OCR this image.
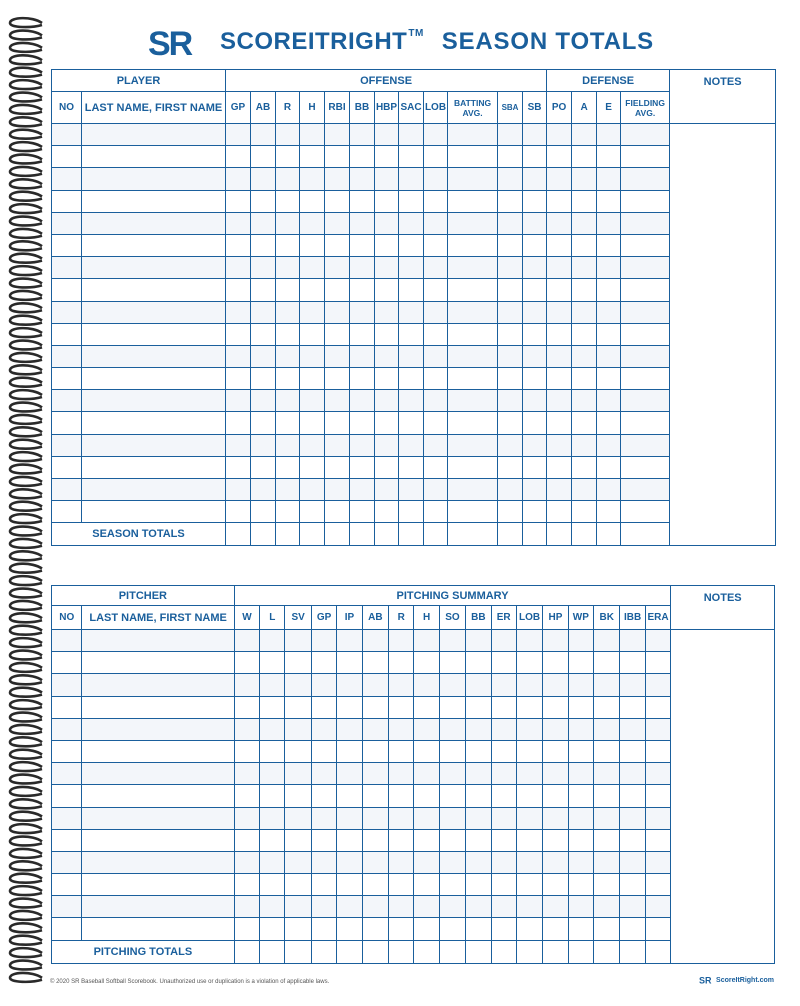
SR SCOREITRIGHT™ SEASON TOTALS
PLAYER		OFFENSE												DEFENSE				NOTES
NO	LAST NAME, FIRST NAME	GP	AB	R	H	RBI	BB	HBP	SAC	LOB	BATTING AVG.	SBA	SB	PO	A	E	FIELDING AVG.	

SEASON TOTALS																		
PITCHER		PITCHING SUMMARY																	NOTES
NO	LAST NAME, FIRST NAME	W	L	SV	GP	IP	AB	R	H	SO	BB	ER	LOB	HP	WP	BK	IBB	ERA	

PITCHING TOTALS																			
© 2020 SR Baseball Softball Scorebook. Unauthorized use or duplication is a violation of applicable laws.	SR ScoreItRight.com
